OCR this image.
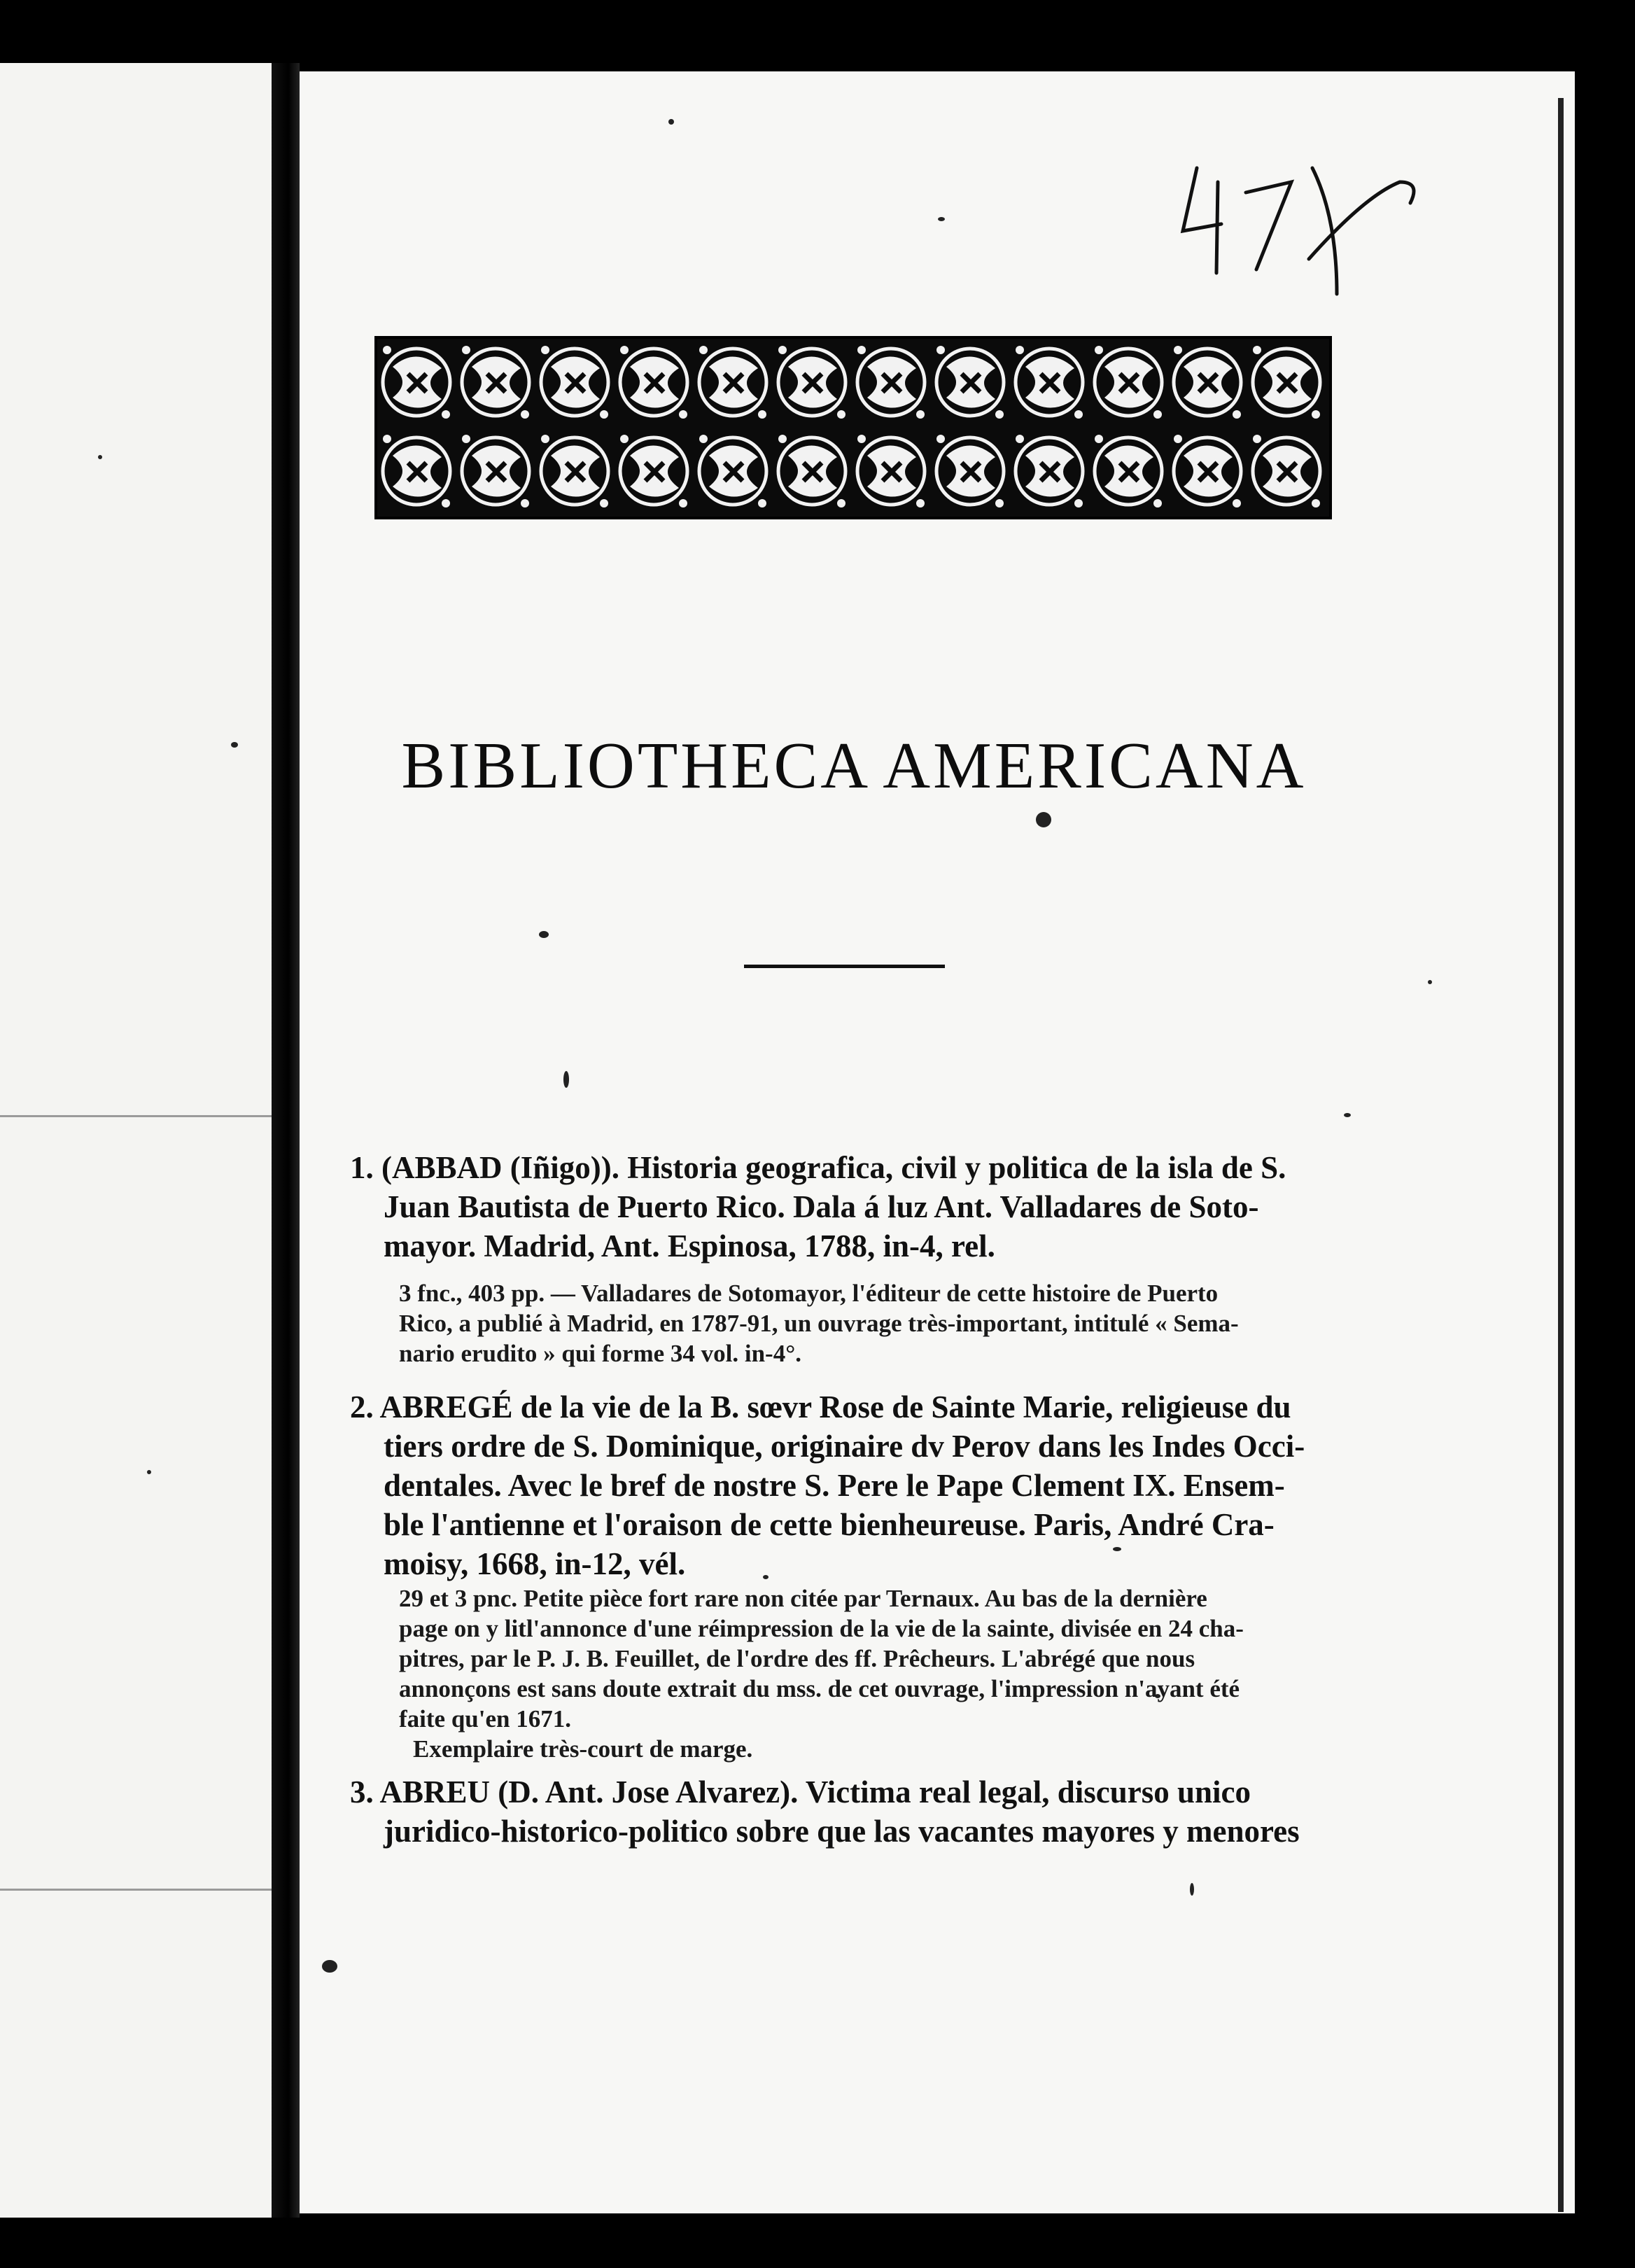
BIBLIOTHECA AMERICANA
1. (ABBAD (Iñigo)). Historia geografica, civil y politica de la isla de S.
Juan Bautista de Puerto Rico. Dala á luz Ant. Valladares de Soto-
mayor. Madrid, Ant. Espinosa, 1788, in-4, rel.
3 fnc., 403 pp. — Valladares de Sotomayor, l'éditeur de cette histoire de Puerto
Rico, a publié à Madrid, en 1787-91, un ouvrage très-important, intitulé « Sema-
nario erudito » qui forme 34 vol. in-4°.
2. ABREGÉ de la vie de la B. sœvr Rose de Sainte Marie, religieuse du
tiers ordre de S. Dominique, originaire dv Perov dans les Indes Occi-
dentales. Avec le bref de nostre S. Pere le Pape Clement IX. Ensem-
ble l'antienne et l'oraison de cette bienheureuse. Paris, André Cra-
moisy, 1668, in-12, vél.
29 et 3 pnc. Petite pièce fort rare non citée par Ternaux. Au bas de la dernière
page on y litl'annonce d'une réimpression de la vie de la sainte, divisée en 24 cha-
pitres, par le P. J. B. Feuillet, de l'ordre des ff. Prêcheurs. L'abrégé que nous
annonçons est sans doute extrait du mss. de cet ouvrage, l'impression n'ayant été
faite qu'en 1671.
Exemplaire très-court de marge.
3. ABREU (D. Ant. Jose Alvarez). Victima real legal, discurso unico
juridico-historico-politico sobre que las vacantes mayores y menores
